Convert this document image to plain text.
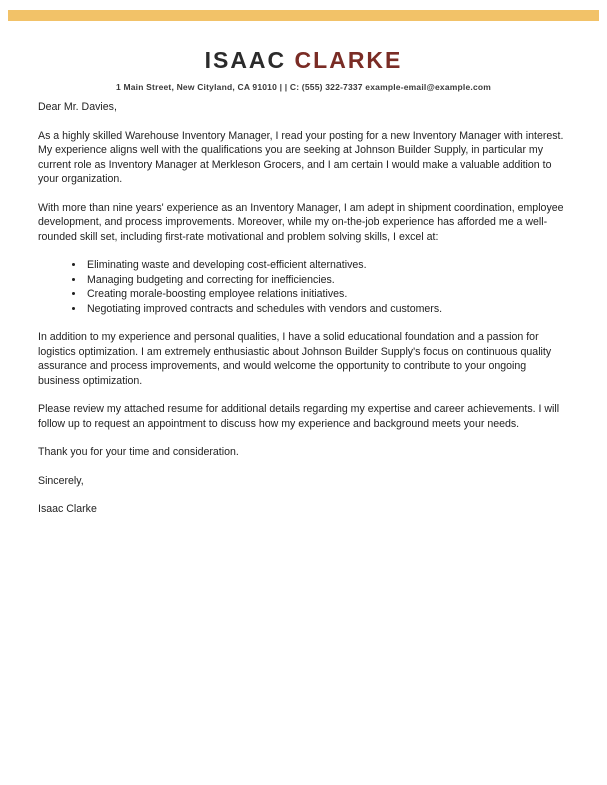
ISAAC CLARKE
1 Main Street, New Cityland, CA 91010 | | C: (555) 322-7337 example-email@example.com

Dear Mr. Davies,

As a highly skilled Warehouse Inventory Manager, I read your posting for a new Inventory Manager with interest. My experience aligns well with the qualifications you are seeking at Johnson Builder Supply, in particular my current role as Inventory Manager at Merkleson Grocers, and I am certain I would make a valuable addition to your organization.

With more than nine years' experience as an Inventory Manager, I am adept in shipment coordination, employee development, and process improvements. Moreover, while my on-the-job experience has afforded me a well-rounded skill set, including first-rate motivational and problem solving skills, I excel at:

• Eliminating waste and developing cost-efficient alternatives.
• Managing budgeting and correcting for inefficiencies.
• Creating morale-boosting employee relations initiatives.
• Negotiating improved contracts and schedules with vendors and customers.

In addition to my experience and personal qualities, I have a solid educational foundation and a passion for logistics optimization. I am extremely enthusiastic about Johnson Builder Supply's focus on continuous quality assurance and process improvements, and would welcome the opportunity to contribute to your ongoing business optimization.

Please review my attached resume for additional details regarding my expertise and career achievements. I will follow up to request an appointment to discuss how my experience and background meets your needs.

Thank you for your time and consideration.

Sincerely,

Isaac Clarke
